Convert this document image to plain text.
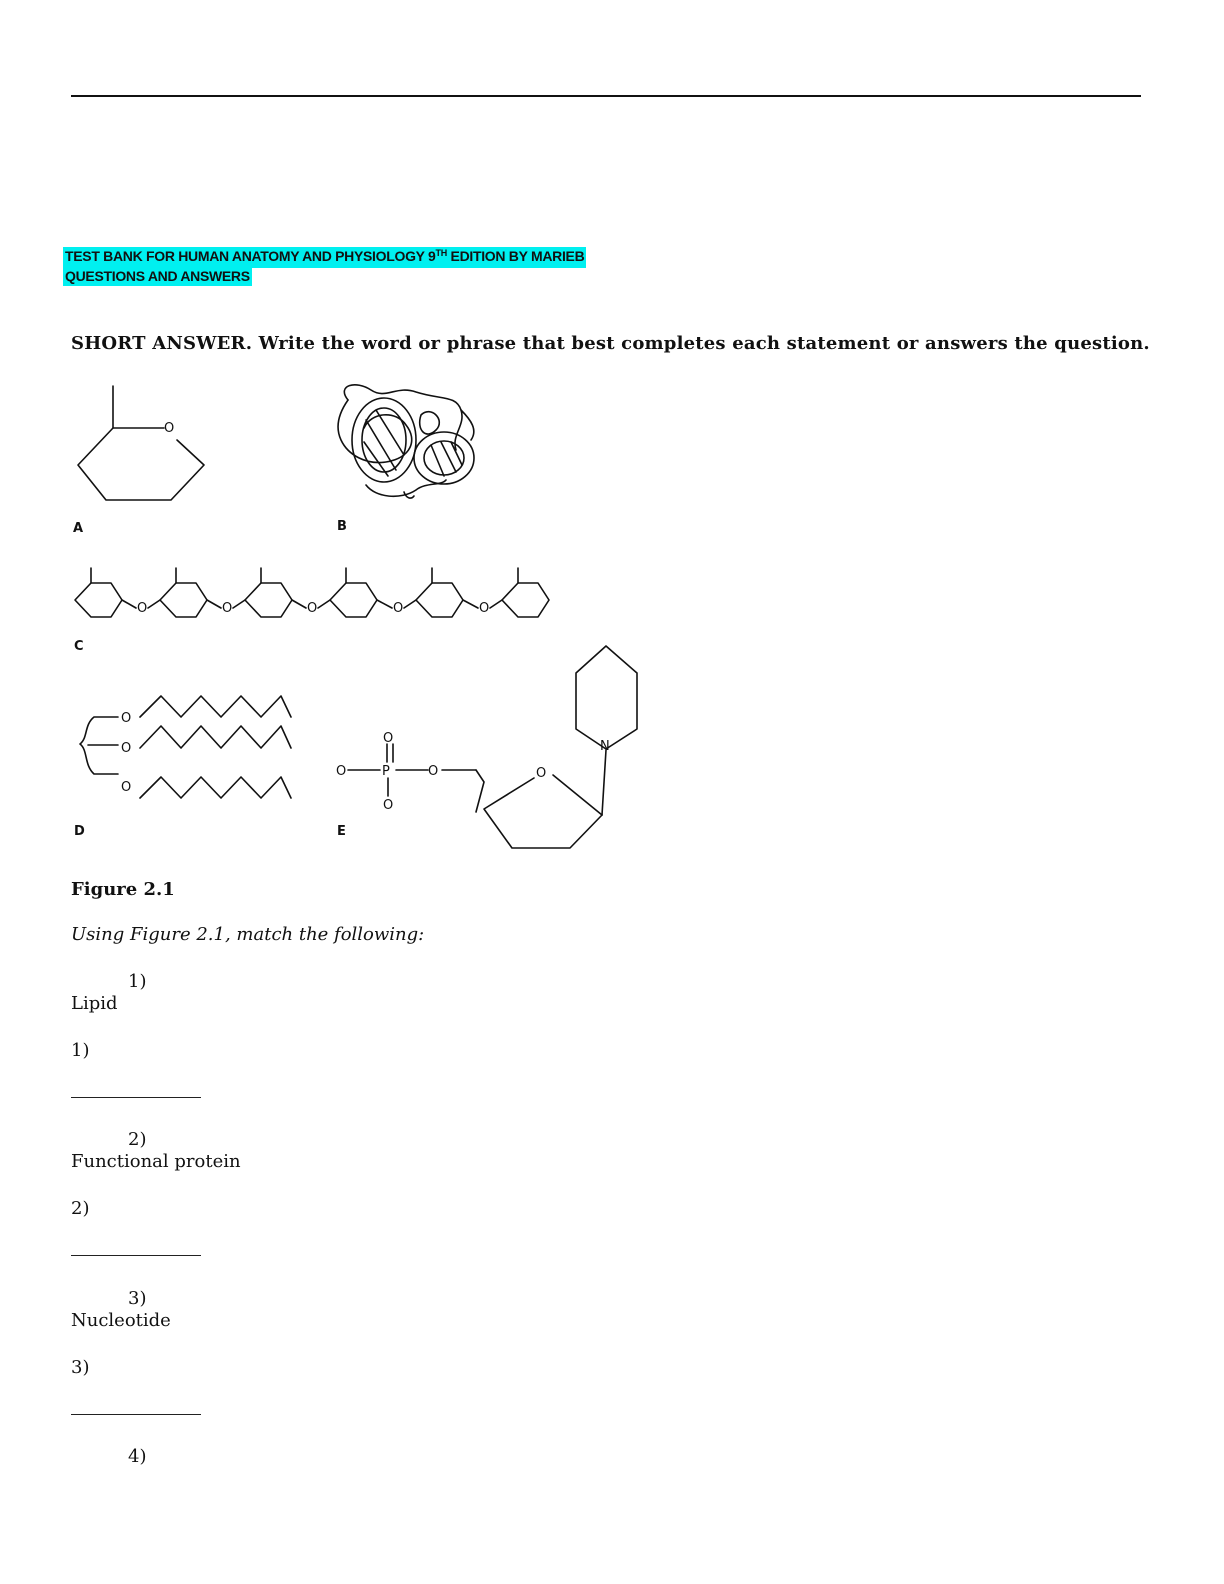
TEST BANK FOR HUMAN ANATOMY AND PHYSIOLOGY 9TH EDITION BY MARIEB
QUESTIONS AND ANSWERS
SHORT ANSWER. Write the word or phrase that best completes each statement or answers the question.
A	B
C
D	E
O
O	O	O	O	O
O
O
O
O
O	P	O
O
O
N
Figure 2.1
Using Figure 2.1, match the following:
1)
Lipid
1)
2)
Functional protein
2)
3)
Nucleotide
3)
4)
